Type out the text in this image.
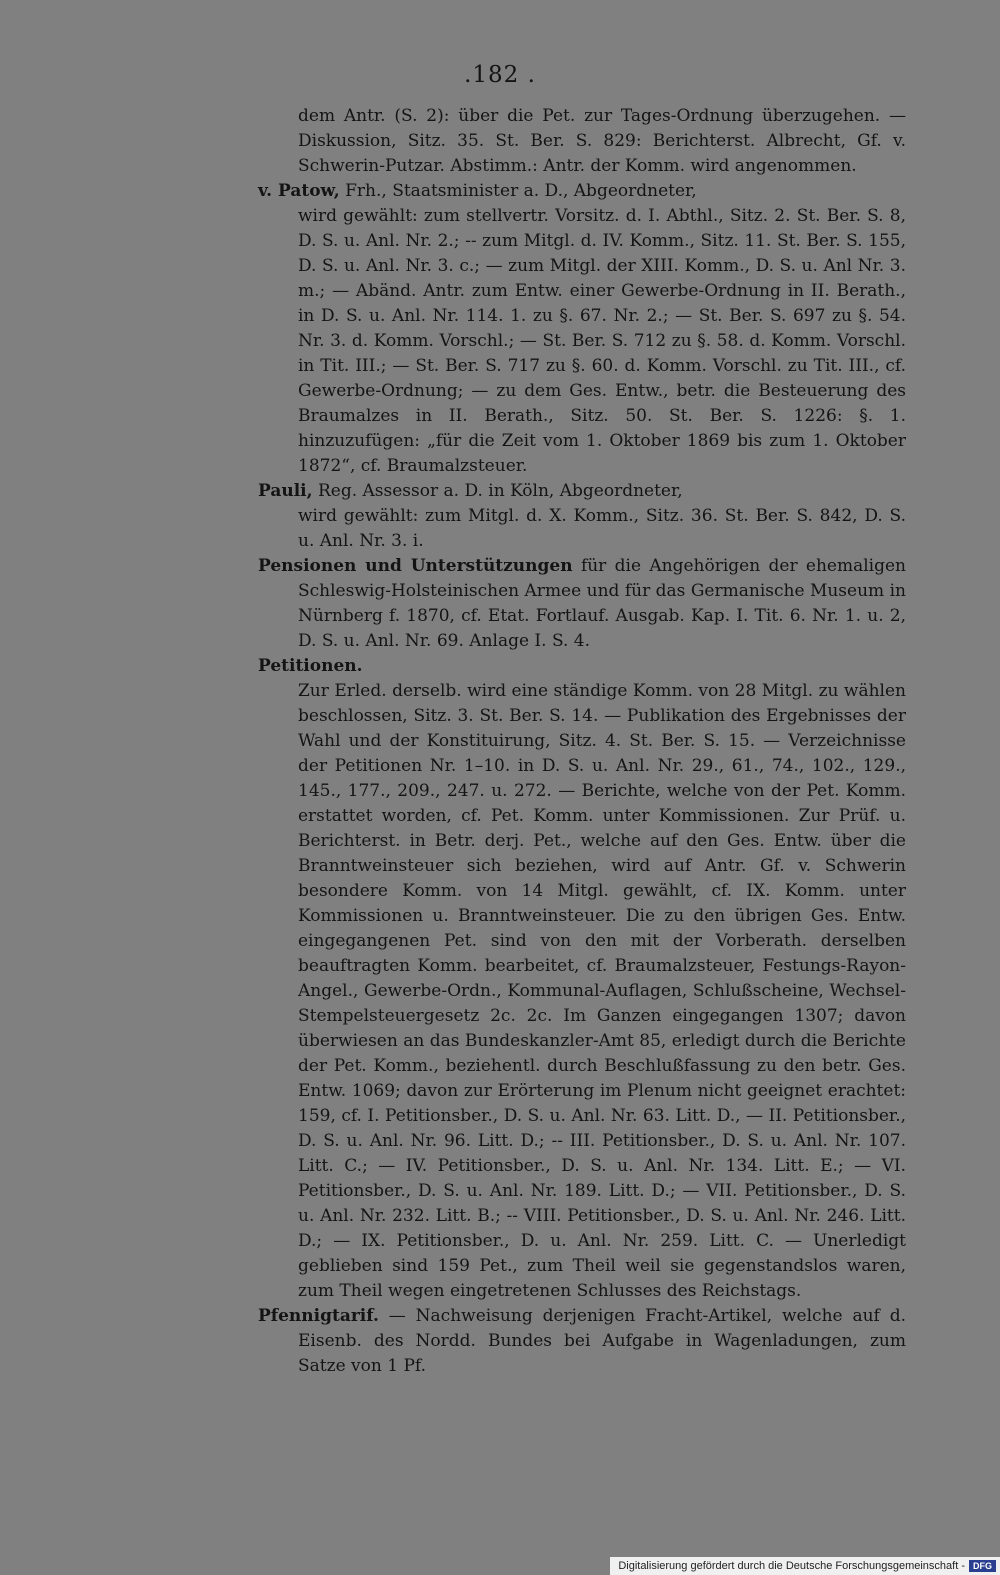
.182 .

dem Antr. (S. 2): über die Pet. zur Tages-Ordnung überzugehen. — Diskussion, Sitz. 35. St. Ber. S. 829: Berichterst. Albrecht, Gf. v. Schwerin-Putzar. Abstimm.: Antr. der Komm. wird angenommen.

v. Patow, Frh., Staatsminister a. D., Abgeordneter,

wird gewählt: zum stellvertr. Vorsitz. d. I. Abthl., Sitz. 2. St. Ber. S. 8, D. S. u. Anl. Nr. 2.; -- zum Mitgl. d. IV. Komm., Sitz. 11. St. Ber. S. 155, D. S. u. Anl. Nr. 3. c.; — zum Mitgl. der XIII. Komm., D. S. u. Anl Nr. 3. m.; — Abänd. Antr. zum Entw. einer Gewerbe-Ordnung in II. Berath., in D. S. u. Anl. Nr. 114. 1. zu §. 67. Nr. 2.; — St. Ber. S. 697 zu §. 54. Nr. 3. d. Komm. Vorschl.; — St. Ber. S. 712 zu §. 58. d. Komm. Vorschl. in Tit. III.; — St. Ber. S. 717 zu §. 60. d. Komm. Vorschl. zu Tit. III., cf. Gewerbe-Ordnung; — zu dem Ges. Entw., betr. die Besteuerung des Braumalzes in II. Berath., Sitz. 50. St. Ber. S. 1226: §. 1. hinzuzufügen: „für die Zeit vom 1. Oktober 1869 bis zum 1. Oktober 1872“, cf. Braumalzsteuer.

Pauli, Reg. Assessor a. D. in Köln, Abgeordneter,

wird gewählt: zum Mitgl. d. X. Komm., Sitz. 36. St. Ber. S. 842, D. S. u. Anl. Nr. 3. i.

Pensionen und Unterstützungen für die Angehörigen der ehemaligen Schleswig-Holsteinischen Armee und für das Germanische Museum in Nürnberg f. 1870, cf. Etat. Fortlauf. Ausgab. Kap. I. Tit. 6. Nr. 1. u. 2, D. S. u. Anl. Nr. 69. Anlage I. S. 4.

Petitionen.

Zur Erled. derselb. wird eine ständige Komm. von 28 Mitgl. zu wählen beschlossen, Sitz. 3. St. Ber. S. 14. — Publikation des Ergebnisses der Wahl und der Konstituirung, Sitz. 4. St. Ber. S. 15. — Verzeichnisse der Petitionen Nr. 1–10. in D. S. u. Anl. Nr. 29., 61., 74., 102., 129., 145., 177., 209., 247. u. 272. — Berichte, welche von der Pet. Komm. erstattet worden, cf. Pet. Komm. unter Kommissionen. Zur Prüf. u. Berichterst. in Betr. derj. Pet., welche auf den Ges. Entw. über die Branntweinsteuer sich beziehen, wird auf Antr. Gf. v. Schwerin besondere Komm. von 14 Mitgl. gewählt, cf. IX. Komm. unter Kommissionen u. Branntweinsteuer. Die zu den übrigen Ges. Entw. eingegangenen Pet. sind von den mit der Vorberath. derselben beauftragten Komm. bearbeitet, cf. Braumalzsteuer, Festungs-Rayon-Angel., Gewerbe-Ordn., Kommunal-Auflagen, Schlußscheine, Wechsel-Stempelsteuergesetz 2c. 2c. Im Ganzen eingegangen 1307; davon überwiesen an das Bundeskanzler-Amt 85, erledigt durch die Berichte der Pet. Komm., beziehentl. durch Beschlußfassung zu den betr. Ges. Entw. 1069; davon zur Erörterung im Plenum nicht geeignet erachtet: 159, cf. I. Petitionsber., D. S. u. Anl. Nr. 63. Litt. D., — II. Petitionsber., D. S. u. Anl. Nr. 96. Litt. D.; -- III. Petitionsber., D. S. u. Anl. Nr. 107. Litt. C.; — IV. Petitionsber., D. S. u. Anl. Nr. 134. Litt. E.; — VI. Petitionsber., D. S. u. Anl. Nr. 189. Litt. D.; — VII. Petitionsber., D. S. u. Anl. Nr. 232. Litt. B.; -- VIII. Petitionsber., D. S. u. Anl. Nr. 246. Litt. D.; — IX. Petitionsber., D. u. Anl. Nr. 259. Litt. C. — Unerledigt geblieben sind 159 Pet., zum Theil weil sie gegenstandslos waren, zum Theil wegen eingetretenen Schlusses des Reichstags.

Pfennigtarif. — Nachweisung derjenigen Fracht-Artikel, welche auf d. Eisenb. des Nordd. Bundes bei Aufgabe in Wagenladungen, zum Satze von 1 Pf.

Digitalisierung gefördert durch die Deutsche Forschungsgemeinschaft - DFG
